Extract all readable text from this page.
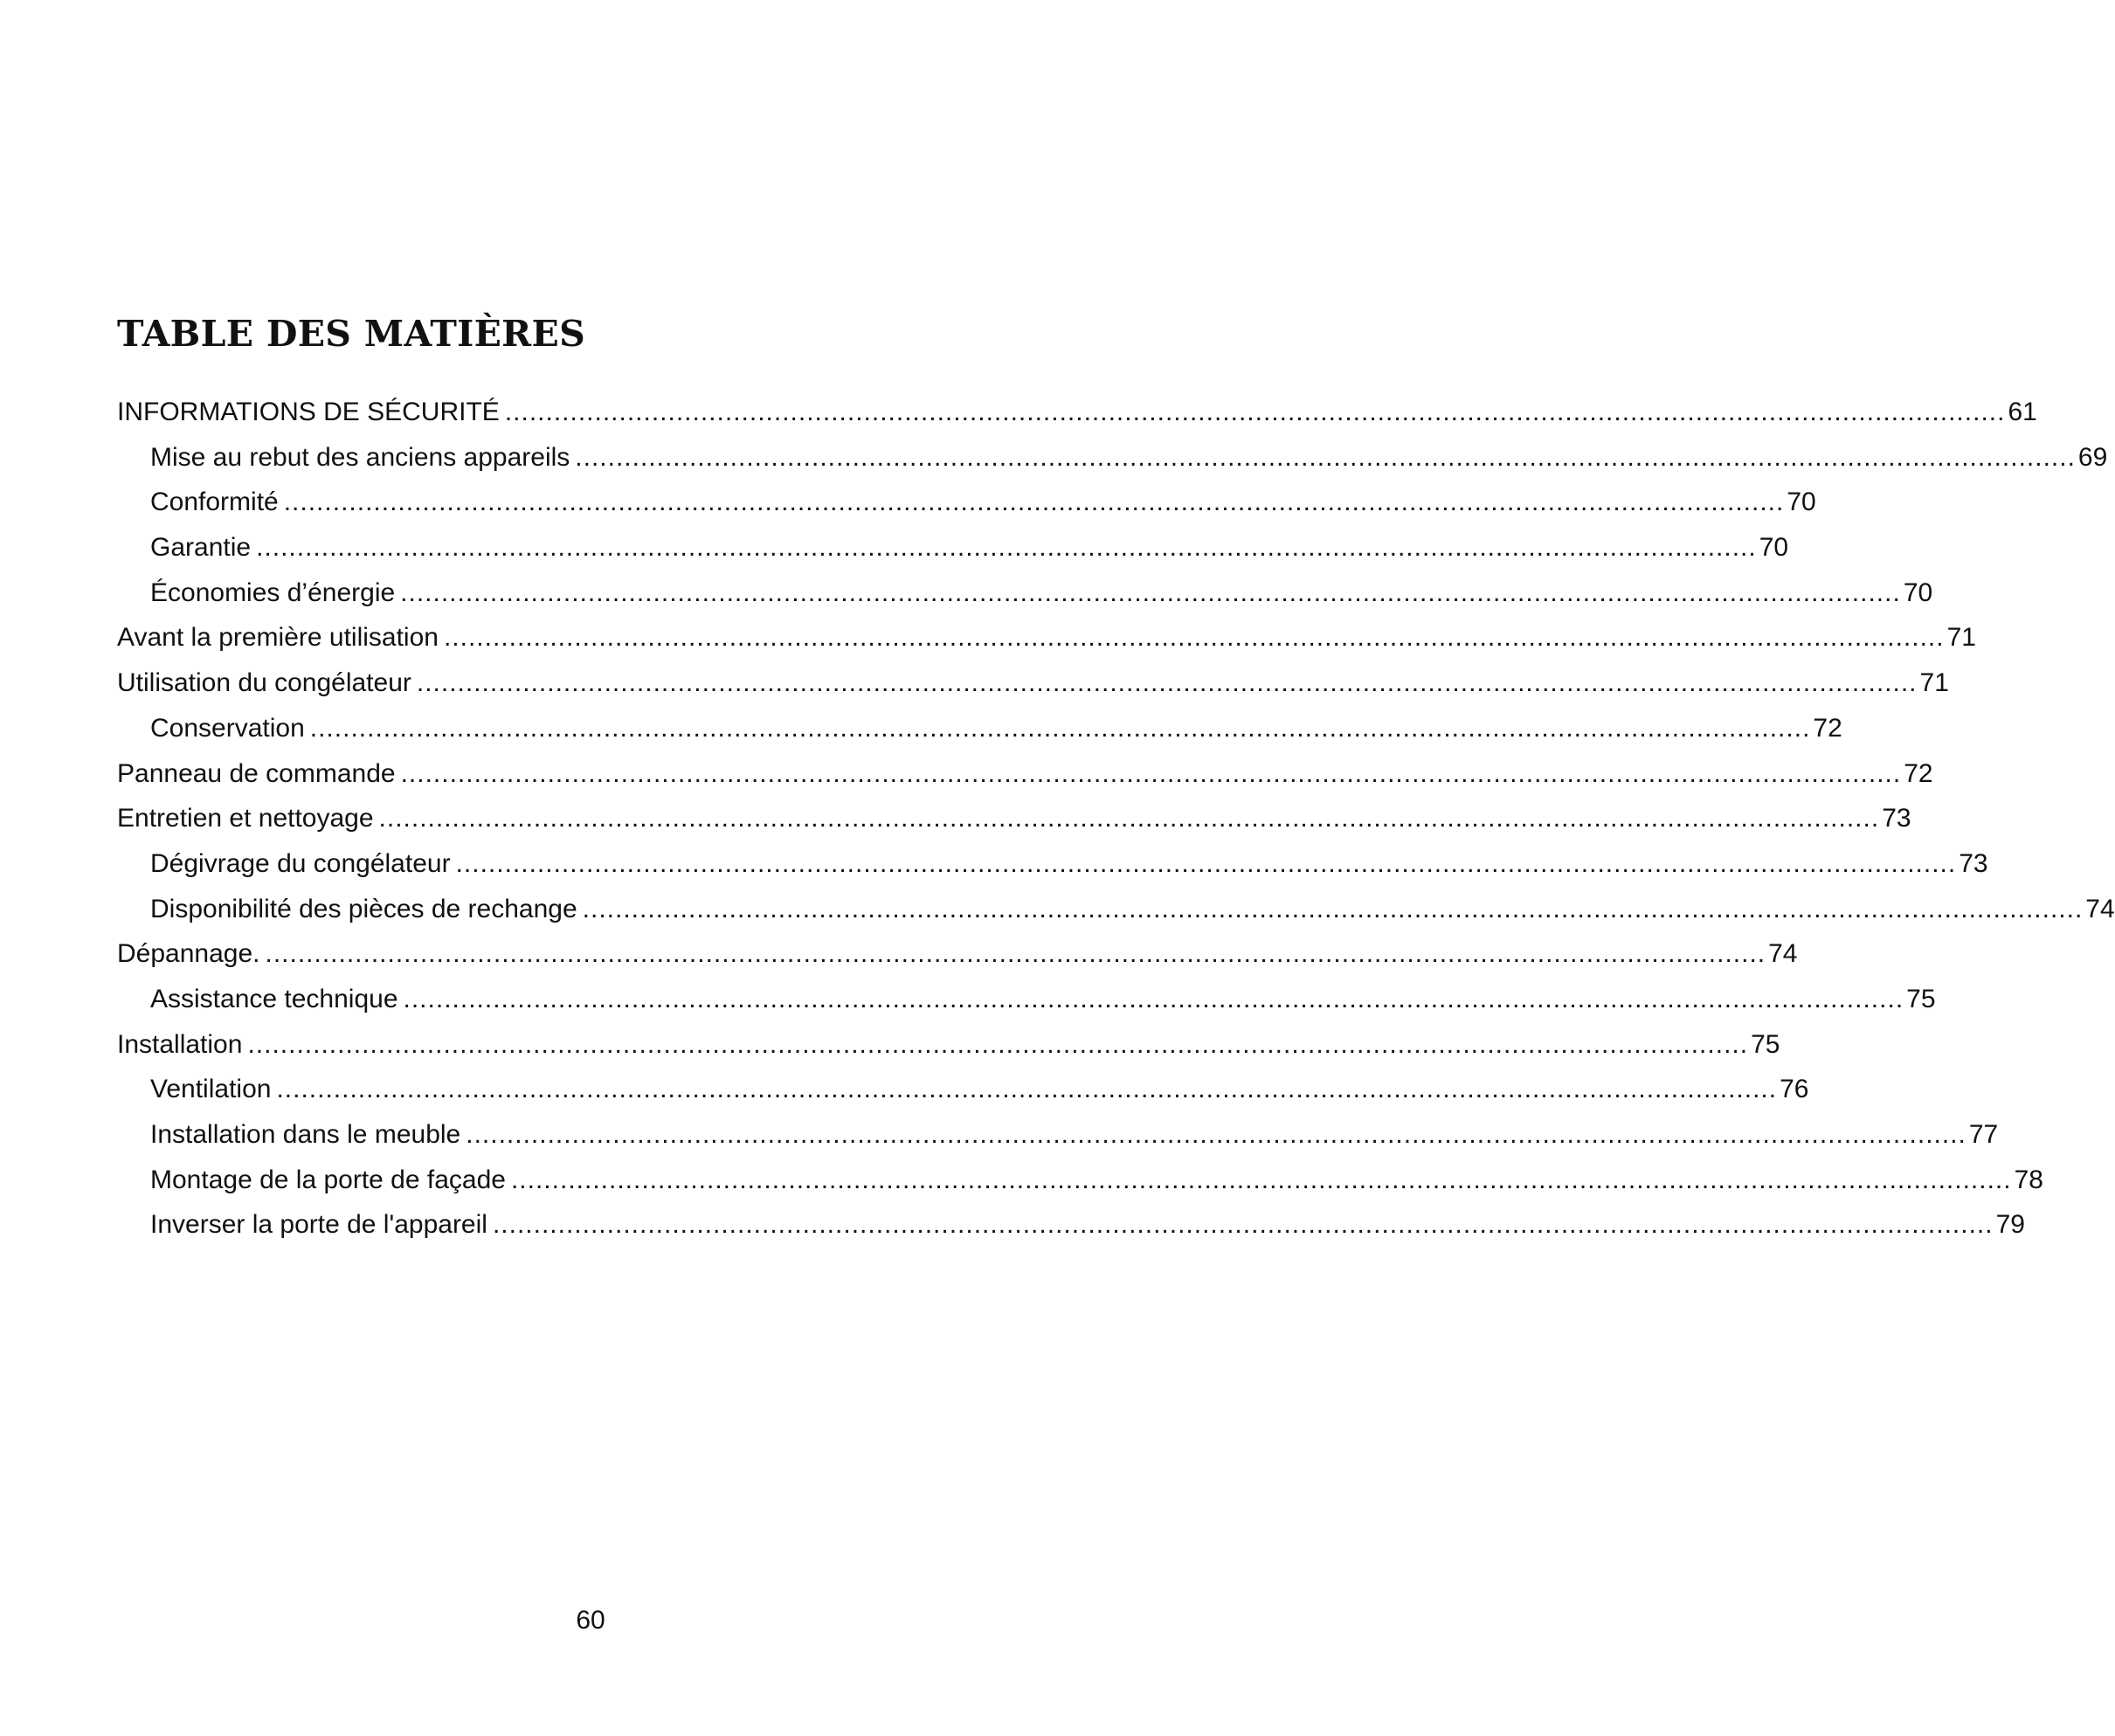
TABLE DES MATIÈRES
INFORMATIONS DE SÉCURITÉ ........................................................................................................................................................................................ 61
Mise au rebut des anciens appareils ........................................................................................................................................................................................ 69
Conformité ........................................................................................................................................................................................ 70
Garantie ........................................................................................................................................................................................ 70
Économies d’énergie ........................................................................................................................................................................................ 70
Avant la première utilisation ........................................................................................................................................................................................ 71
Utilisation du congélateur ........................................................................................................................................................................................ 71
Conservation ........................................................................................................................................................................................ 72
Panneau de commande ........................................................................................................................................................................................ 72
Entretien et nettoyage ........................................................................................................................................................................................ 73
Dégivrage du congélateur ........................................................................................................................................................................................ 73
Disponibilité des pièces de rechange ........................................................................................................................................................................................ 74
Dépannage. ........................................................................................................................................................................................ 74
Assistance technique ........................................................................................................................................................................................ 75
Installation ........................................................................................................................................................................................ 75
Ventilation ........................................................................................................................................................................................ 76
Installation dans le meuble ........................................................................................................................................................................................ 77
Montage de la porte de façade ........................................................................................................................................................................................ 78
Inverser la porte de l'appareil ........................................................................................................................................................................................ 79
60
